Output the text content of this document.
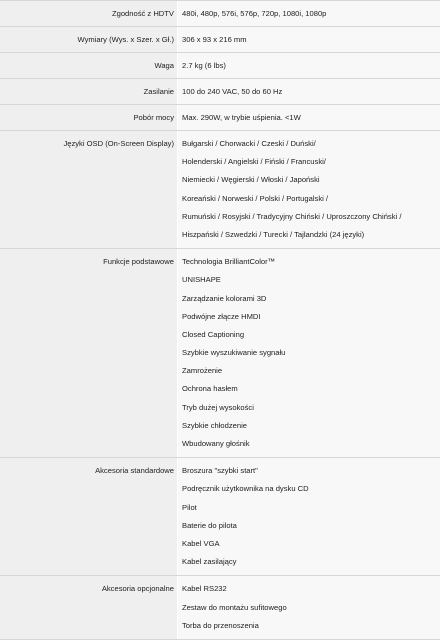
Zgodność z HDTV 480i, 480p, 576i, 576p, 720p, 1080i, 1080p
Wymiary (Wys. x Szer. x Gł.) 306 x 93 x 216 mm
Waga 2.7 kg (6 lbs)
Zasilanie 100 do 240 VAC, 50 do 60 Hz
Pobór mocy Max. 290W, w trybie uśpienia. <1W
Języki OSD (On-Screen Display) Bułgarski / Chorwacki / Czeski / Duński/
Holenderski / Angielski / Fiński / Francuski/
Niemiecki / Węgierski / Włoski / Japoński
Koreański / Norweski / Polski / Portugalski /
Rumuński / Rosyjski / Tradycyjny Chiński / Uproszczony Chiński /
Hiszpański / Szwedzki / Turecki / Tajlandzki (24 języki)
Funkcje podstawowe Technologia BrilliantColor™
UNISHAPE
Zarządzanie kolorami 3D
Podwójne złącze HMDI
Closed Captioning
Szybkie wyszukiwanie sygnału
Zamrożenie
Ochrona hasłem
Tryb dużej wysokości
Szybkie chłodzenie
Wbudowany głośnik
Akcesoria standardowe Broszura "szybki start"
Podręcznik użytkownika na dysku CD
Pilot
Baterie do pilota
Kabel VGA
Kabel zasilający
Akcesoria opcjonalne Kabel RS232
Zestaw do montażu sufitowego
Torba do przenoszenia
